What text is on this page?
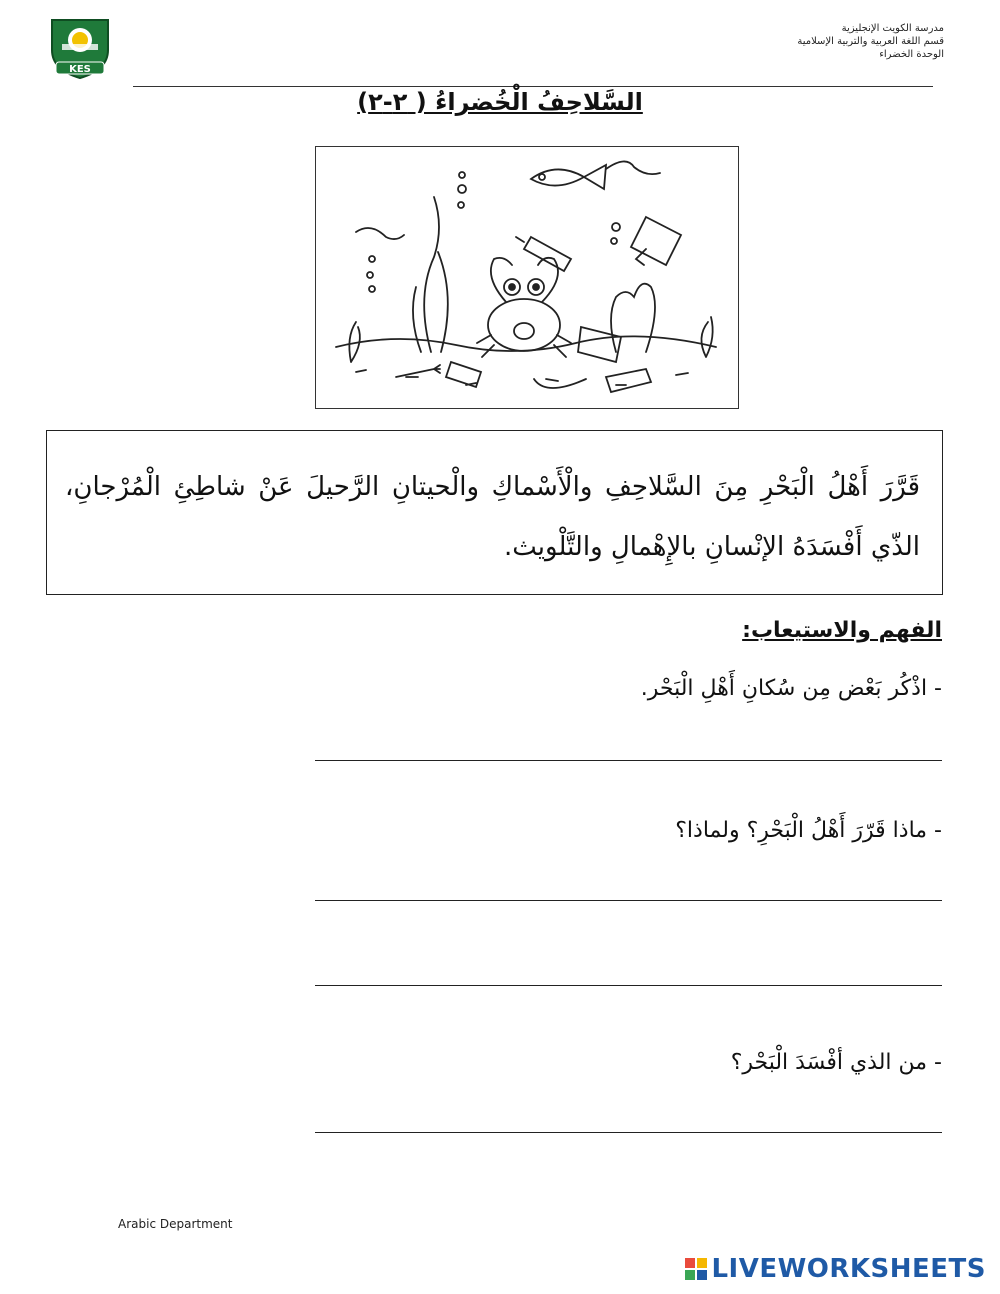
KES
مدرسة الكويت الإنجليزية
قسم اللغة العربية والتربية الإسلامية
الوحدة الخضراء
السَّلاحِفُ الْخُضراءُ ( ٢-٢)
قَرَّرَ أَهْلُ الْبَحْرِ مِنَ السَّلاحِفِ والْأَسْماكِ والْحيتانِ الرَّحيلَ عَنْ شاطِئِ الْمُرْجانِ، الذّي أَفْسَدَهُ الإنْسانِ بالإِهْمالِ والتَّلْويث.
الفهم والاستيعاب:
- اذْكُر بَعْض مِن سُكانِ أَهْلِ الْبَحْر.
- ماذا قَرّرَ أَهْلُ الْبَحْرِ؟ ولماذا؟
- من الذي أفْسَدَ الْبَحْر؟
Arabic Department
LIVEWORKSHEETS
